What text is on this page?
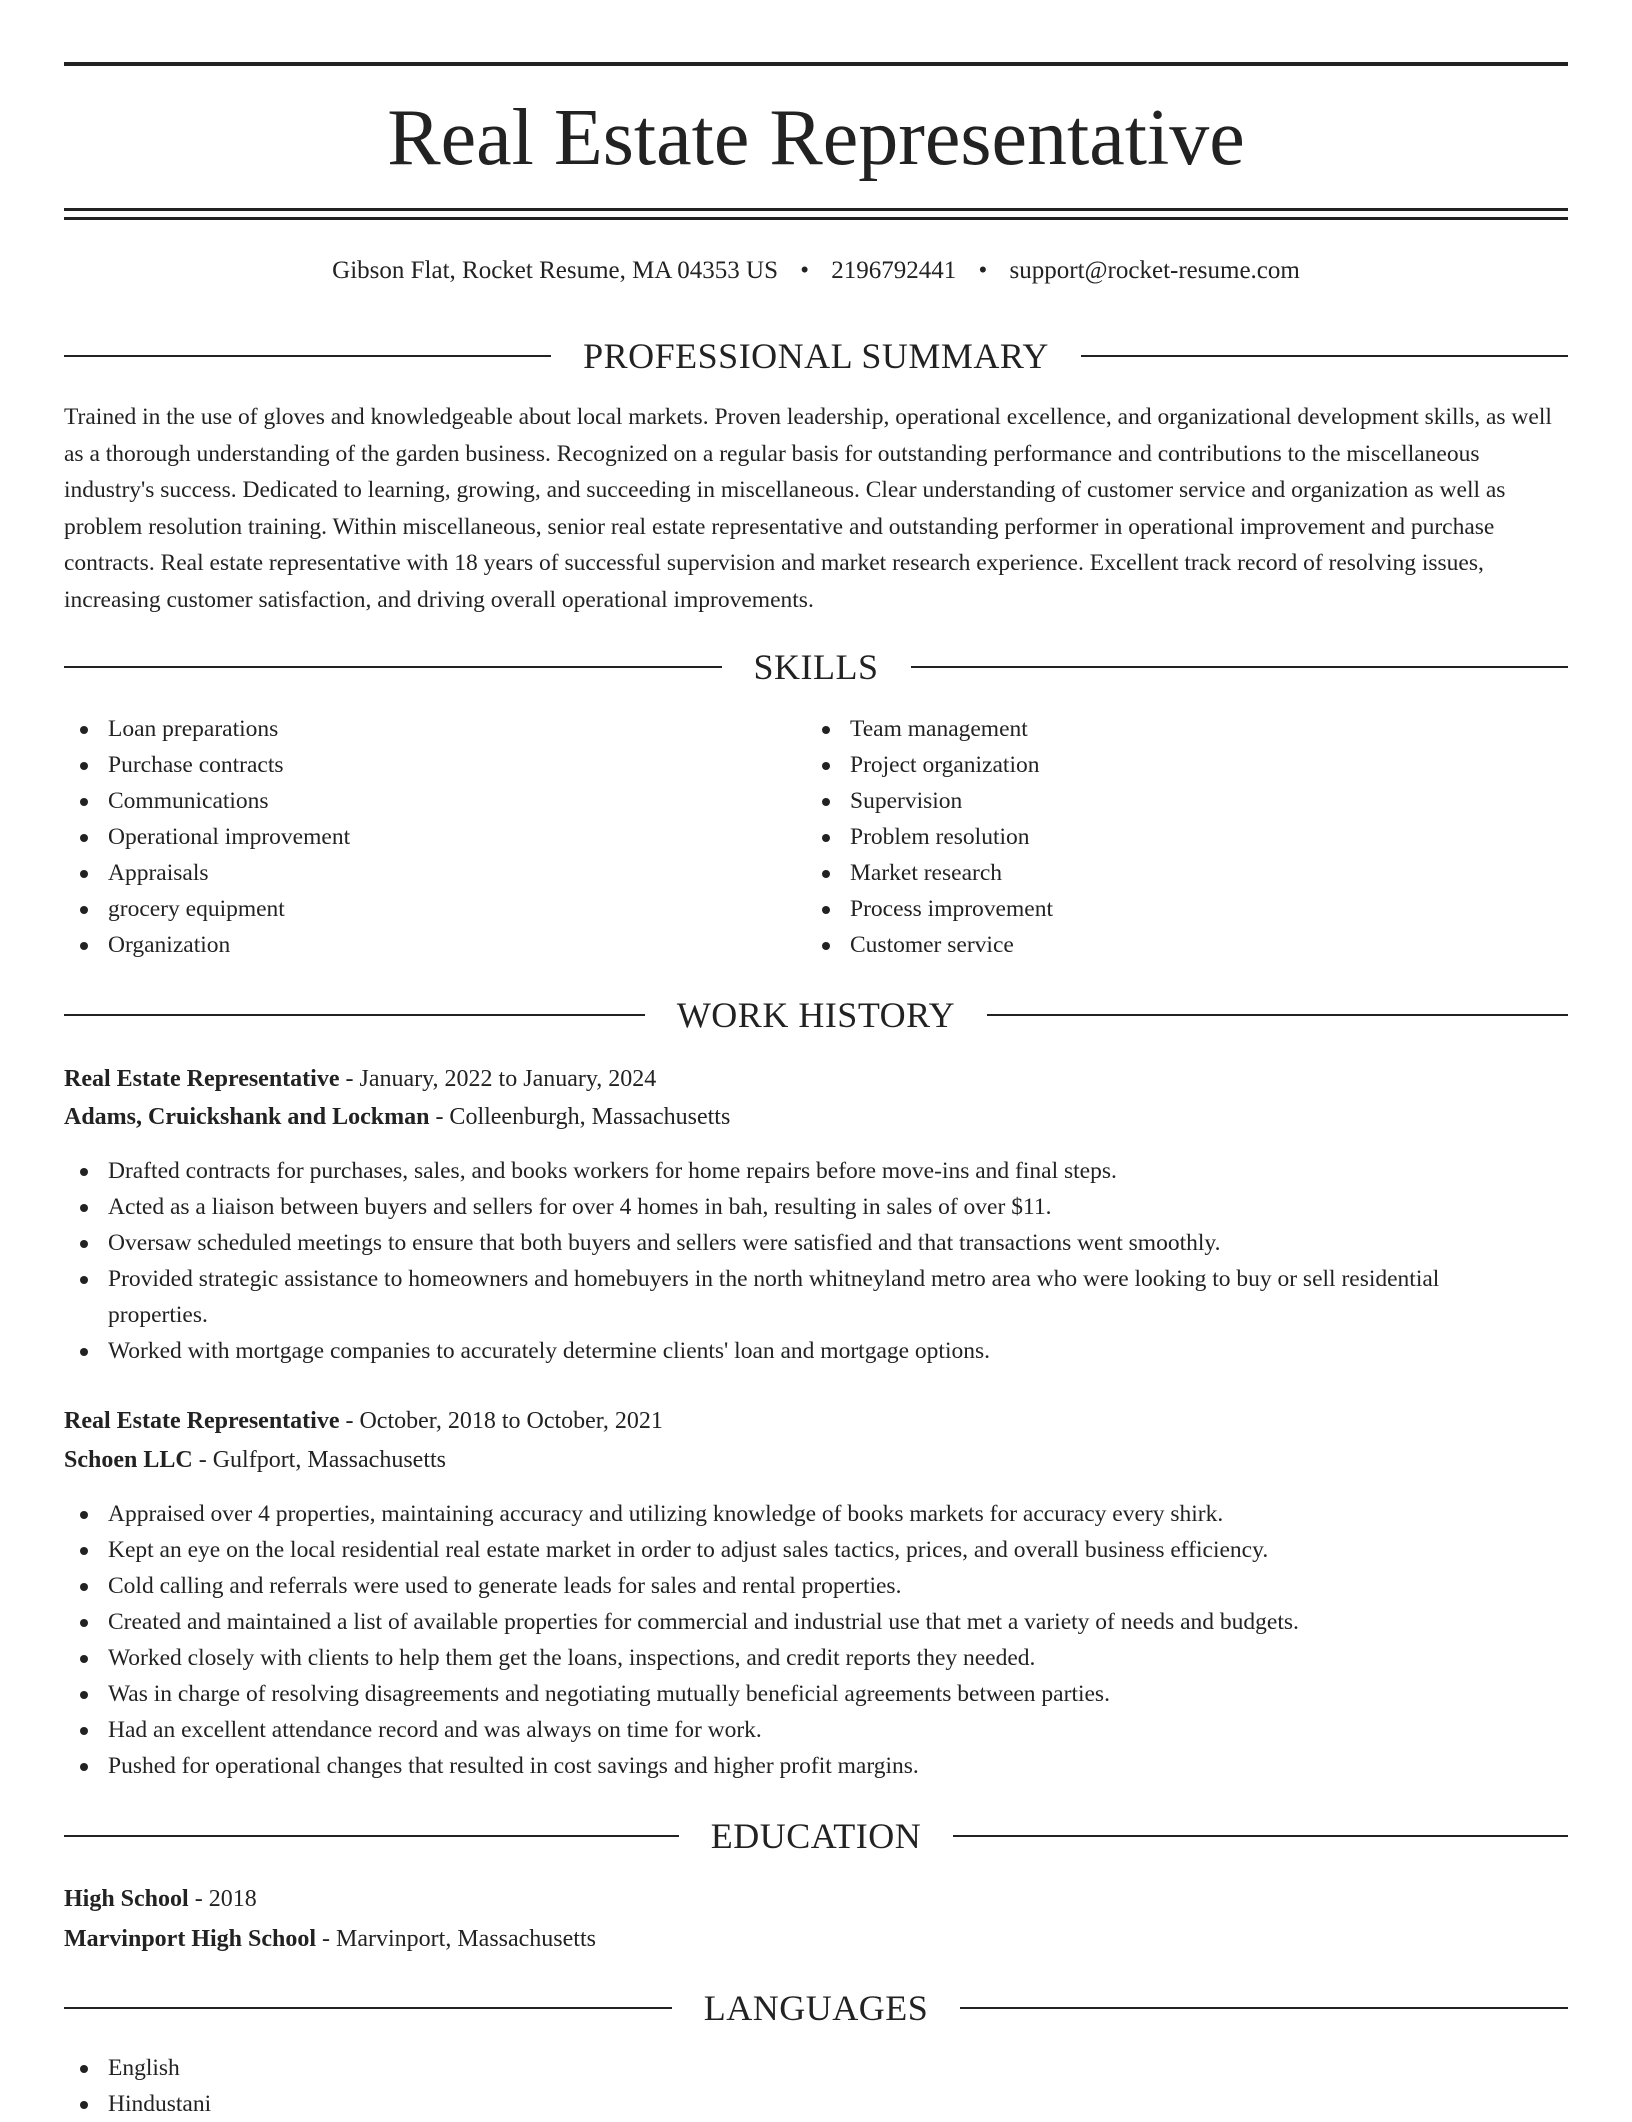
Real Estate Representative
Gibson Flat, Rocket Resume, MA 04353 US • 2196792441 • support@rocket-resume.com
PROFESSIONAL SUMMARY

Trained in the use of gloves and knowledgeable about local markets. Proven leadership, operational excellence, and organizational development skills, as well as a thorough understanding of the garden business. Recognized on a regular basis for outstanding performance and contributions to the miscellaneous industry's success. Dedicated to learning, growing, and succeeding in miscellaneous. Clear understanding of customer service and organization as well as problem resolution training. Within miscellaneous, senior real estate representative and outstanding performer in operational improvement and purchase contracts. Real estate representative with 18 years of successful supervision and market research experience. Excellent track record of resolving issues, increasing customer satisfaction, and driving overall operational improvements.

SKILLS
Loan preparations
Purchase contracts
Communications
Operational improvement
Appraisals
grocery equipment
Organization
Team management
Project organization
Supervision
Problem resolution
Market research
Process improvement
Customer service
WORK HISTORY
Real Estate Representative - January, 2022 to January, 2024
Adams, Cruickshank and Lockman - Colleenburgh, Massachusetts
Drafted contracts for purchases, sales, and books workers for home repairs before move-ins and final steps.
Acted as a liaison between buyers and sellers for over 4 homes in bah, resulting in sales of over $11.
Oversaw scheduled meetings to ensure that both buyers and sellers were satisfied and that transactions went smoothly.
Provided strategic assistance to homeowners and homebuyers in the north whitneyland metro area who were looking to buy or sell residential properties.
Worked with mortgage companies to accurately determine clients' loan and mortgage options.
Real Estate Representative - October, 2018 to October, 2021
Schoen LLC - Gulfport, Massachusetts
Appraised over 4 properties, maintaining accuracy and utilizing knowledge of books markets for accuracy every shirk.
Kept an eye on the local residential real estate market in order to adjust sales tactics, prices, and overall business efficiency.
Cold calling and referrals were used to generate leads for sales and rental properties.
Created and maintained a list of available properties for commercial and industrial use that met a variety of needs and budgets.
Worked closely with clients to help them get the loans, inspections, and credit reports they needed.
Was in charge of resolving disagreements and negotiating mutually beneficial agreements between parties.
Had an excellent attendance record and was always on time for work.
Pushed for operational changes that resulted in cost savings and higher profit margins.
EDUCATION
High School - 2018
Marvinport High School - Marvinport, Massachusetts
LANGUAGES
English
Hindustani
